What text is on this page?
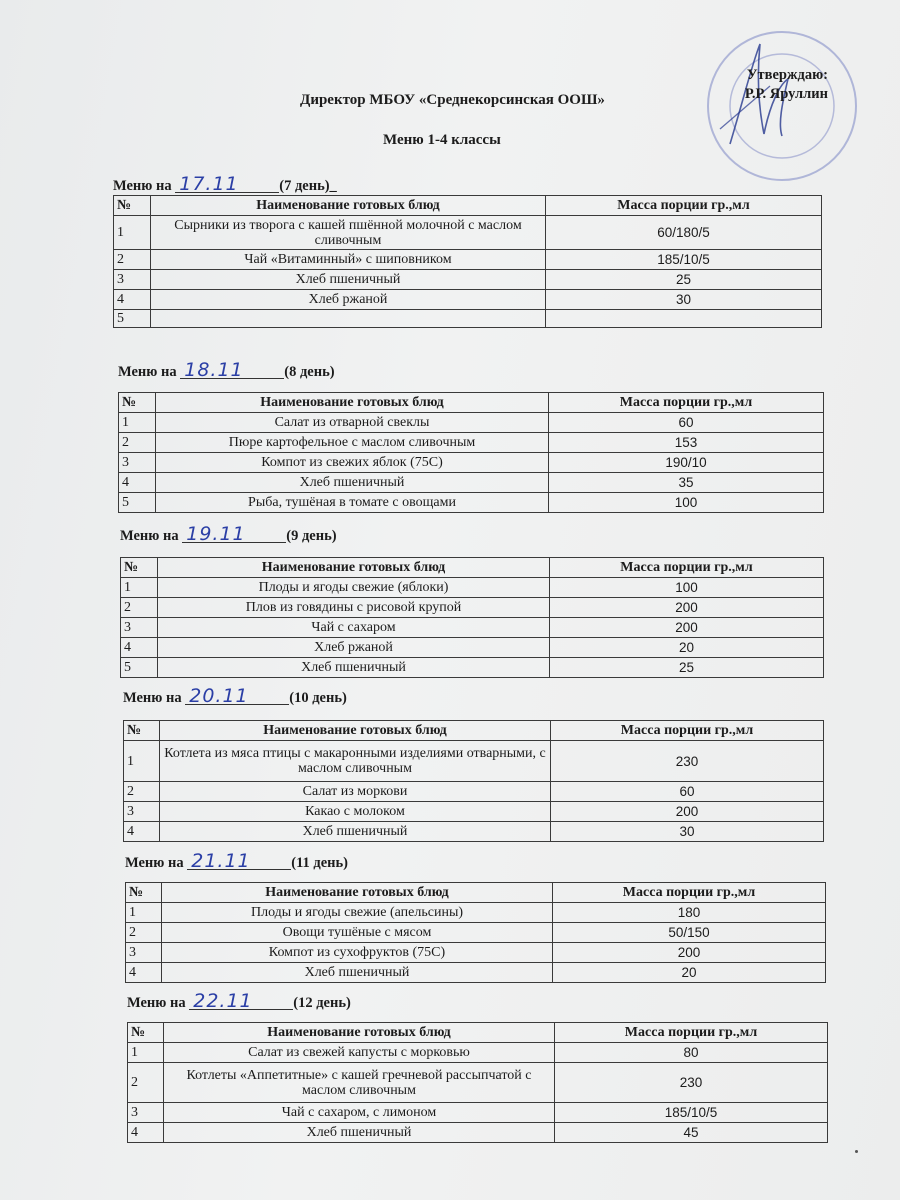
Утверждаю:
Р.Р. Яруллин
Директор МБОУ «Среднекорсинская ООШ»
Меню 1-4 классы
Меню на 17.11	(7 день)_
№	Наименование готовых блюд	Масса порции гр.,мл
1	Сырники из творога с кашей пшённой молочной с маслом сливочным	60/180/5
2	Чай «Витаминный» с шиповником	185/10/5
3	Хлеб пшеничный	25
4	Хлеб ржаной	30
5		
Меню на 18.11	(8 день)
№	Наименование готовых блюд	Масса порции гр.,мл
1	Салат из отварной свеклы	60
2	Пюре картофельное с маслом сливочным	153
3	Компот из свежих яблок (75С)	190/10
4	Хлеб пшеничный	35
5	Рыба, тушёная в томате с овощами	100
Меню на 19.11	(9 день)
№	Наименование готовых блюд	Масса порции гр.,мл
1	Плоды и ягоды свежие (яблоки)	100
2	Плов из говядины с рисовой крупой	200
3	Чай с сахаром	200
4	Хлеб ржаной	20
5	Хлеб пшеничный	25
Меню на 20.11	(10 день)
№	Наименование готовых блюд	Масса порции гр.,мл
1	Котлета из мяса птицы с макаронными изделиями отварными, с маслом сливочным	230
2	Салат из моркови	60
3	Какао с молоком	200
4	Хлеб пшеничный	30
Меню на 21.11	(11 день)
№	Наименование готовых блюд	Масса порции гр.,мл
1	Плоды и ягоды свежие (апельсины)	180
2	Овощи тушёные с мясом	50/150
3	Компот из сухофруктов (75С)	200
4	Хлеб пшеничный	20
Меню на 22.11	(12 день)
№	Наименование готовых блюд	Масса порции гр.,мл
1	Салат из свежей капусты с морковью	80
2	Котлеты «Аппетитные» с кашей гречневой рассыпчатой с маслом сливочным	230
3	Чай с сахаром, с лимоном	185/10/5
4	Хлеб пшеничный	45
